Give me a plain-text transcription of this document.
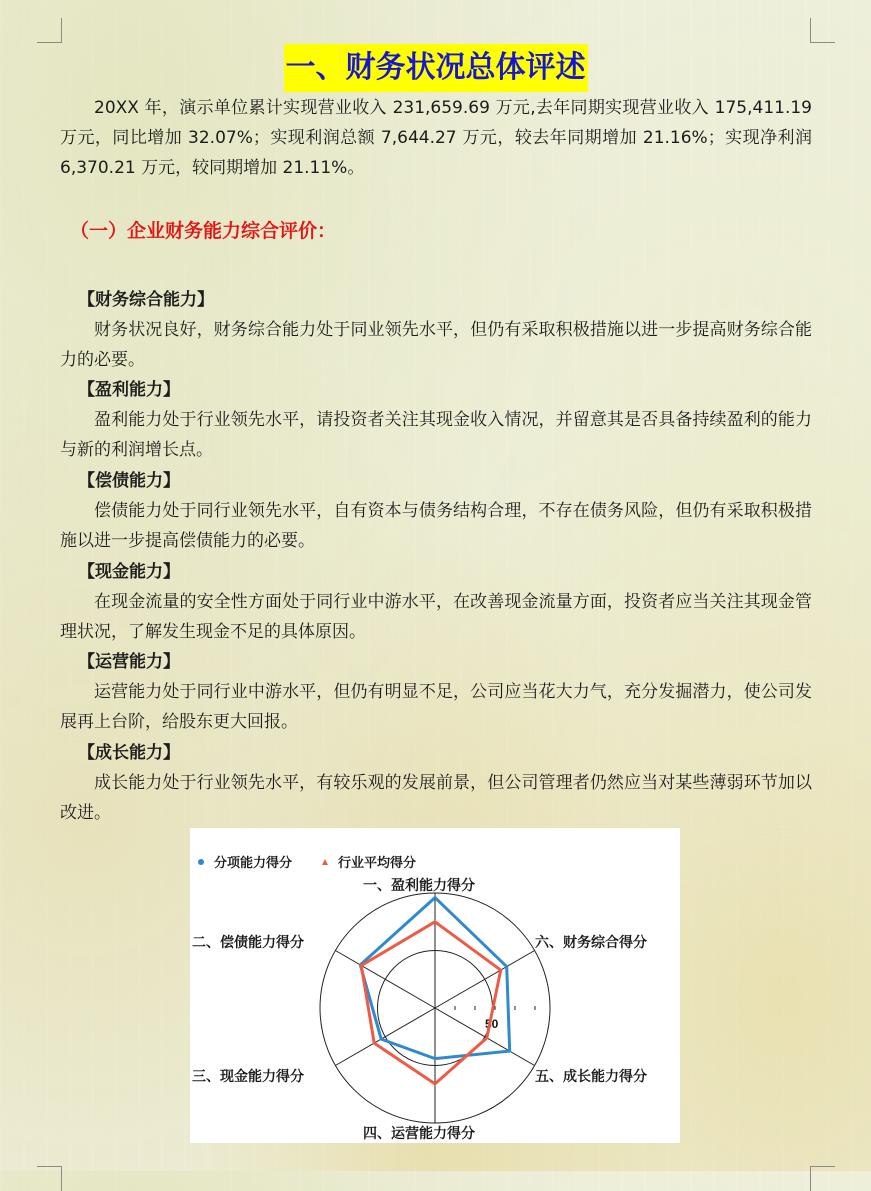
一、财务状况总体评述

20XX 年，演示单位累计实现营业收入 231,659.69 万元,去年同期实现营业收入 175,411.19 万元，同比增加 32.07%；实现利润总额 7,644.27 万元，较去年同期增加 21.16%；实现净利润 6,370.21 万元，较同期增加 21.11%。

（一）企业财务能力综合评价：
【财务综合能力】

财务状况良好，财务综合能力处于同业领先水平，但仍有采取积极措施以进一步提高财务综合能力的必要。

【盈利能力】

盈利能力处于行业领先水平，请投资者关注其现金收入情况，并留意其是否具备持续盈利的能力与新的利润增长点。

【偿债能力】

偿债能力处于同行业领先水平，自有资本与债务结构合理，不存在债务风险，但仍有采取积极措施以进一步提高偿债能力的必要。

【现金能力】

在现金流量的安全性方面处于同行业中游水平，在改善现金流量方面，投资者应当关注其现金管理状况，了解发生现金不足的具体原因。

【运营能力】

运营能力处于同行业中游水平，但仍有明显不足，公司应当花大力气，充分发掘潜力，使公司发展再上台阶，给股东更大回报。

【成长能力】

成长能力处于行业领先水平，有较乐观的发展前景，但公司管理者仍然应当对某些薄弱环节加以改进。

50
分项能力得分	行业平均得分
一、盈利能力得分
六、财务综合得分
五、成长能力得分
四、运营能力得分
三、现金能力得分
二、偿债能力得分
